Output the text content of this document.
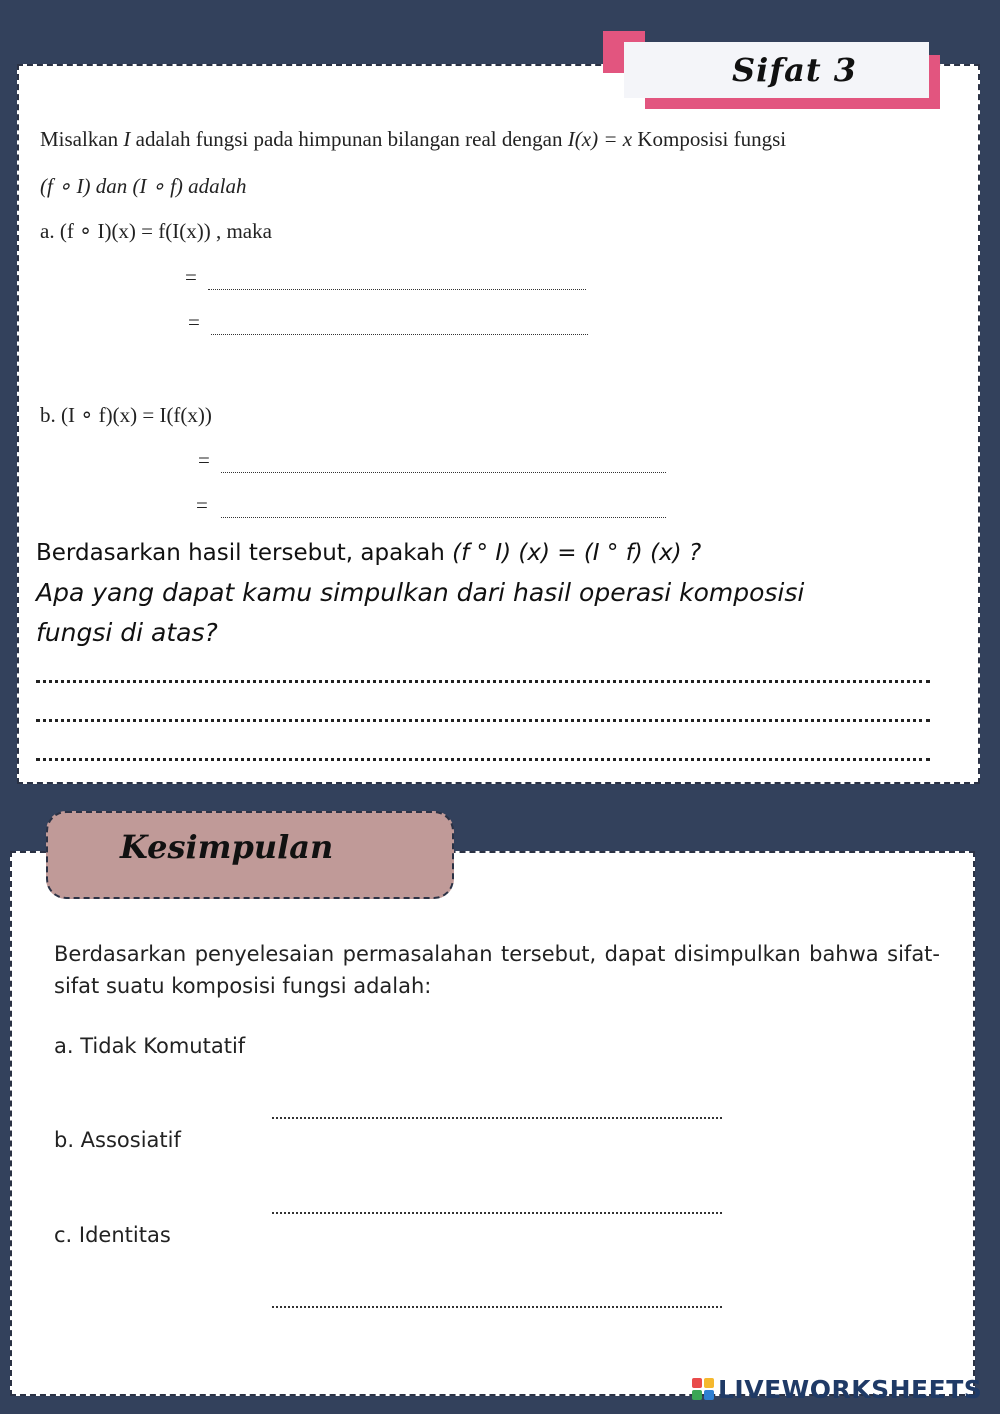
Sifat 3
Misalkan I adalah fungsi pada himpunan bilangan real dengan I(x) = x Komposisi fungsi
(f ∘ I) dan (I ∘ f) adalah
a. (f ∘ I)(x) = f(I(x)) , maka
=
=
b. (I ∘ f)(x) = I(f(x))
=
=
Berdasarkan hasil tersebut, apakah (f ° I) (x) = (I ° f) (x) ?
Apa yang dapat kamu simpulkan dari hasil operasi komposisi
fungsi di atas?
Kesimpulan
Berdasarkan penyelesaian permasalahan tersebut, dapat disimpulkan bahwa sifat-sifat suatu komposisi fungsi adalah:
a. Tidak Komutatif
b. Assosiatif
c. Identitas
LIVEWORKSHEETS
